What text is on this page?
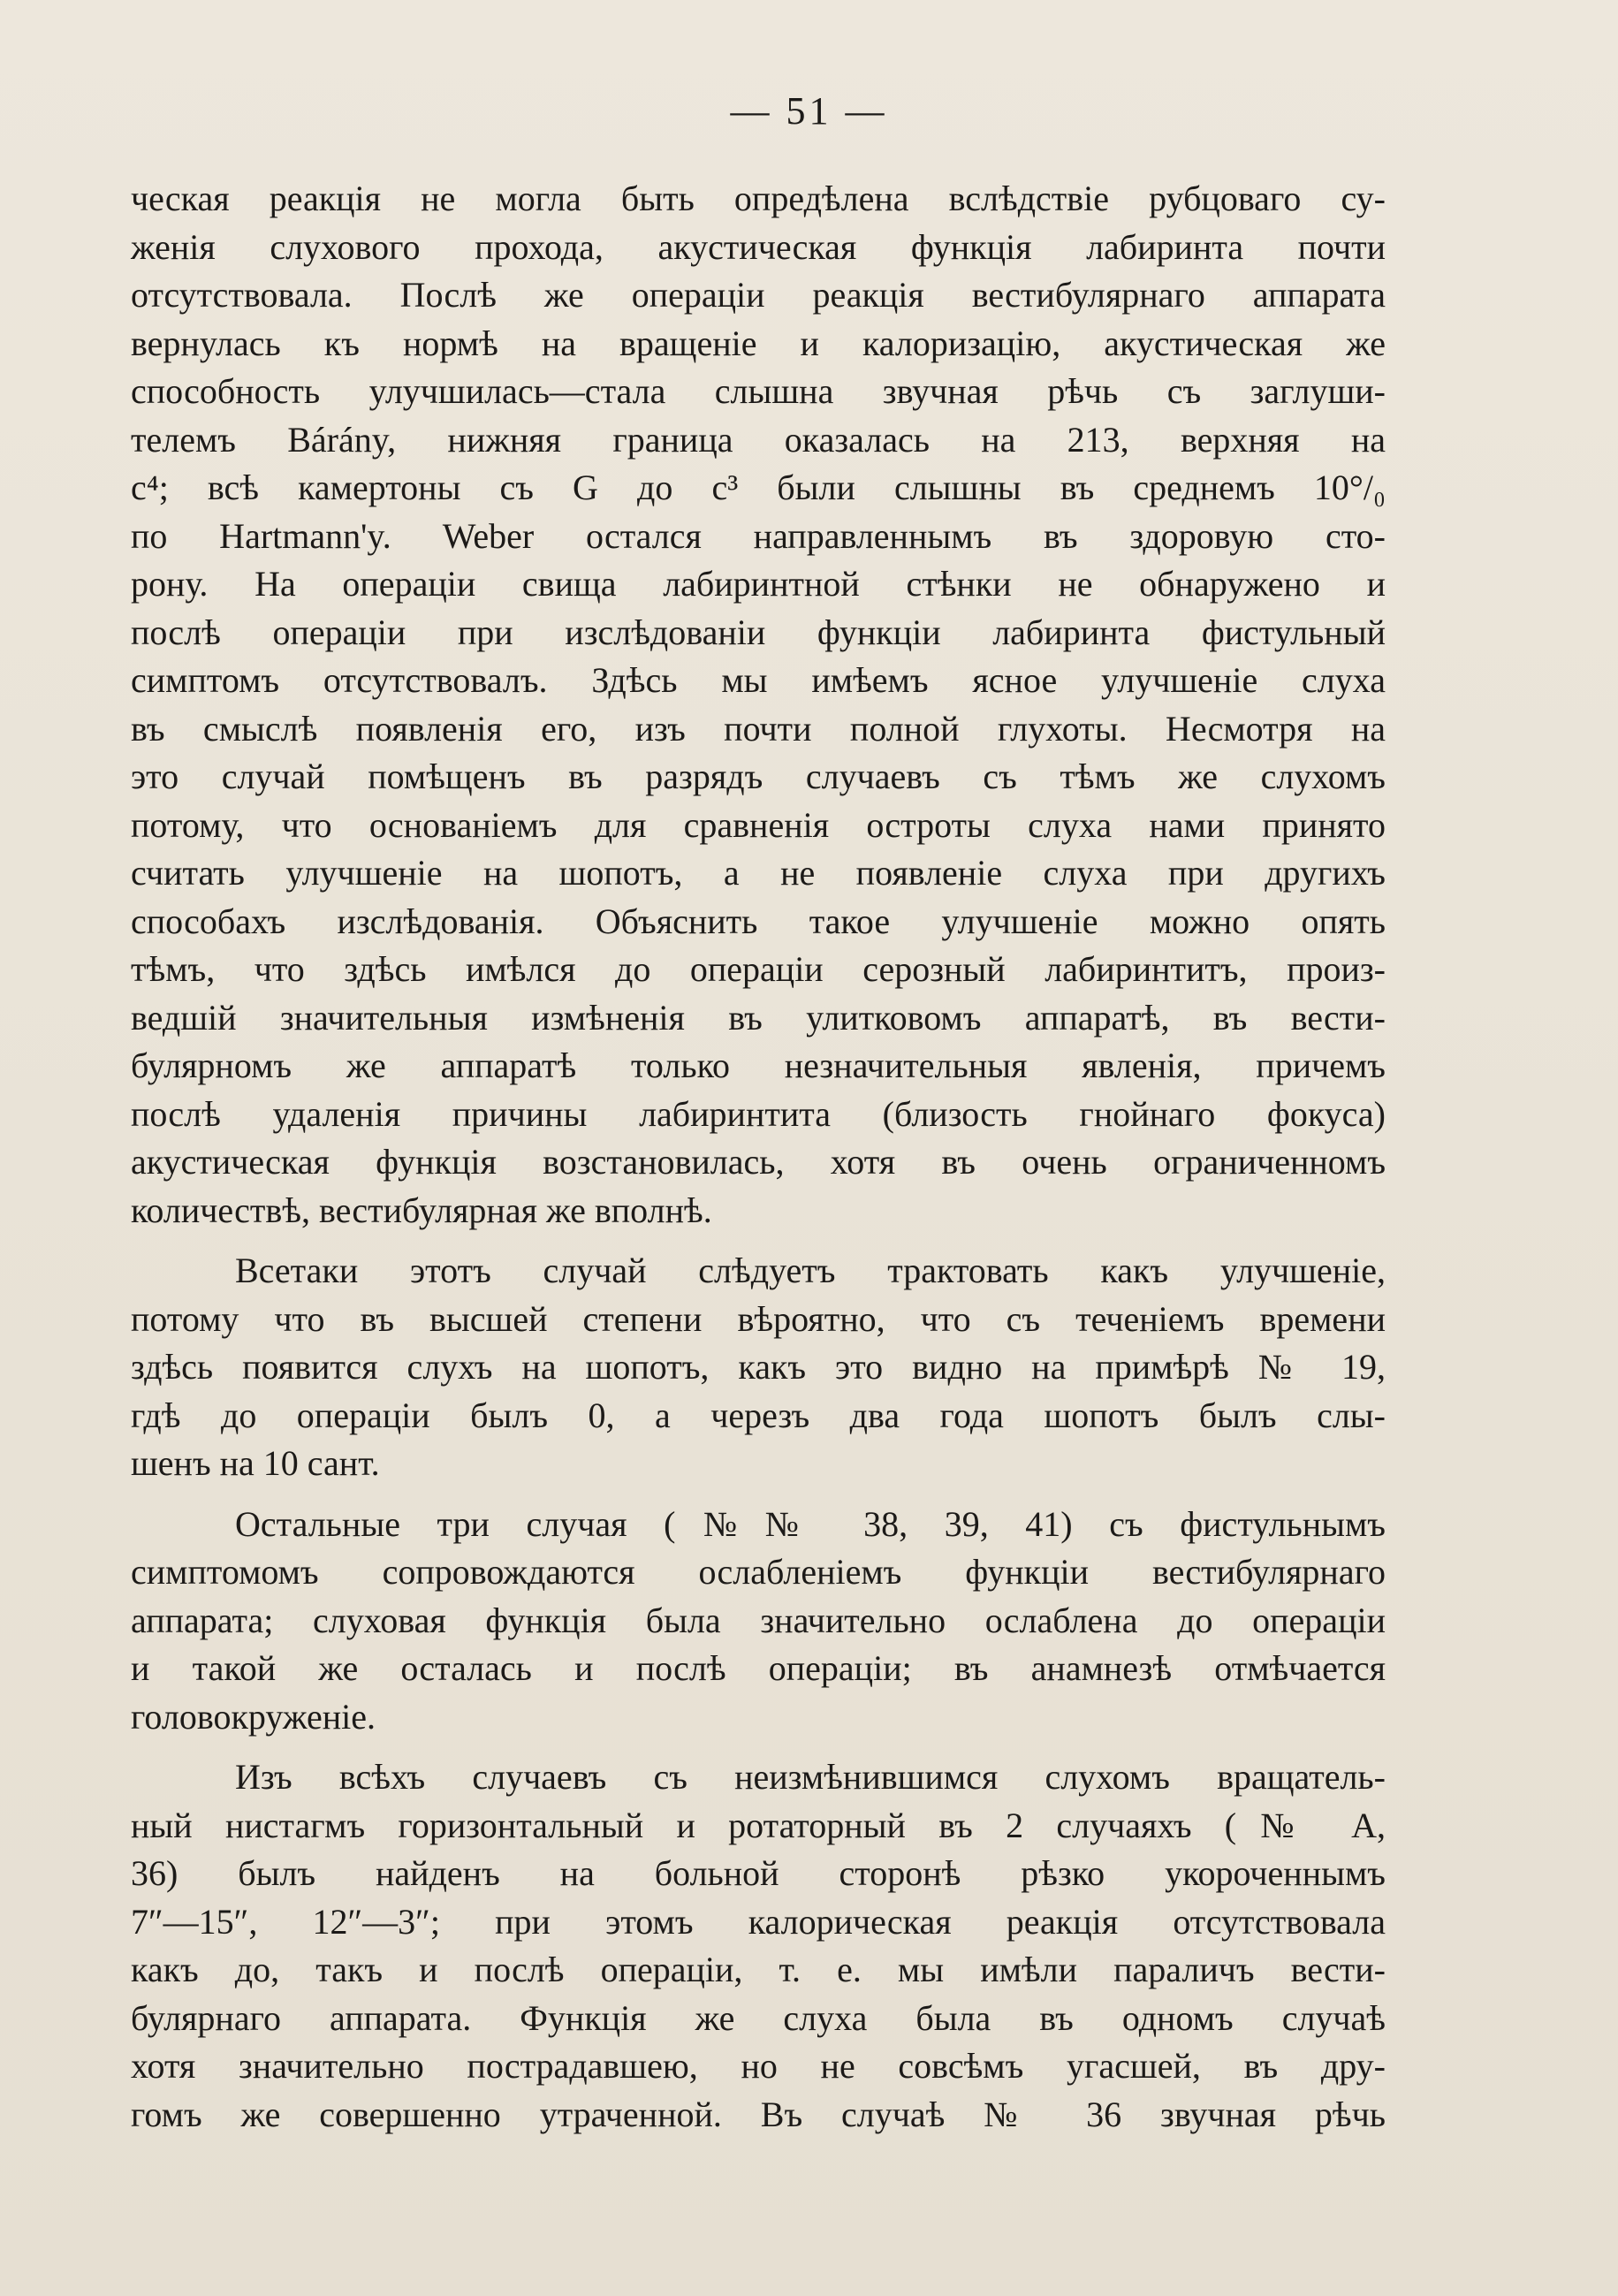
— 51 —
ческая реакція не могла быть опредѣлена вслѣдствіе рубцоваго су-
женія слухового прохода, акустическая функція лабиринта почти
отсутствовала. Послѣ же операціи реакція вестибулярнаго аппарата
вернулась къ нормѣ на вращеніе и калоризацію, акустическая же
способность улучшилась—стала слышна звучная рѣчь съ заглуши-
телемъ Bárány, нижняя граница оказалась на 213, верхняя на
c⁴; всѣ камертоны съ G до c³ были слышны въ среднемъ 10°/₀
по Hartmann'y. Weber остался направленнымъ въ здоровую сто-
рону. На операціи свища лабиринтной стѣнки не обнаружено и
послѣ операціи при изслѣдованіи функціи лабиринта фистульный
симптомъ отсутствовалъ. Здѣсь мы имѣемъ ясное улучшеніе слуха
въ смыслѣ появленія его, изъ почти полной глухоты. Несмотря на
это случай помѣщенъ въ разрядъ случаевъ съ тѣмъ же слухомъ
потому, что основаніемъ для сравненія остроты слуха нами принято
считать улучшеніе на шопотъ, а не появленіе слуха при другихъ
способахъ изслѣдованія. Объяснить такое улучшеніе можно опять
тѣмъ, что здѣсь имѣлся до операціи серозный лабиринтитъ, произ-
ведшій значительныя измѣненія въ улитковомъ аппаратѣ, въ вести-
булярномъ же аппаратѣ только незначительныя явленія, причемъ
послѣ удаленія причины лабиринтита (близость гнойнаго фокуса)
акустическая функція возстановилась, хотя въ очень ограниченномъ
количествѣ, вестибулярная же вполнѣ.
Всетаки этотъ случай слѣдуетъ трактовать какъ улучшеніе,
потому что въ высшей степени вѣроятно, что съ теченіемъ времени
здѣсь появится слухъ на шопотъ, какъ это видно на примѣрѣ № 19,
гдѣ до операціи былъ 0, а черезъ два года шопотъ былъ слы-
шенъ на 10 сант.
Остальные три случая (№№ 38, 39, 41) съ фистульнымъ
симптомомъ сопровождаются ослабленіемъ функціи вестибулярнаго
аппарата; слуховая функція была значительно ослаблена до операціи
и такой же осталась и послѣ операціи; въ анамнезѣ отмѣчается
головокруженіе.
Изъ всѣхъ случаевъ съ неизмѣнившимся слухомъ вращатель-
ный нистагмъ горизонтальный и ротаторный въ 2 случаяхъ (№ А,
36) былъ найденъ на больной сторонѣ рѣзко укороченнымъ
7″—15″, 12″—3″; при этомъ калорическая реакція отсутствовала
какъ до, такъ и послѣ операціи, т. е. мы имѣли параличъ вести-
булярнаго аппарата. Функція же слуха была въ одномъ случаѣ
хотя значительно пострадавшею, но не совсѣмъ угасшей, въ дру-
гомъ же совершенно утраченной. Въ случаѣ № 36 звучная рѣчь
